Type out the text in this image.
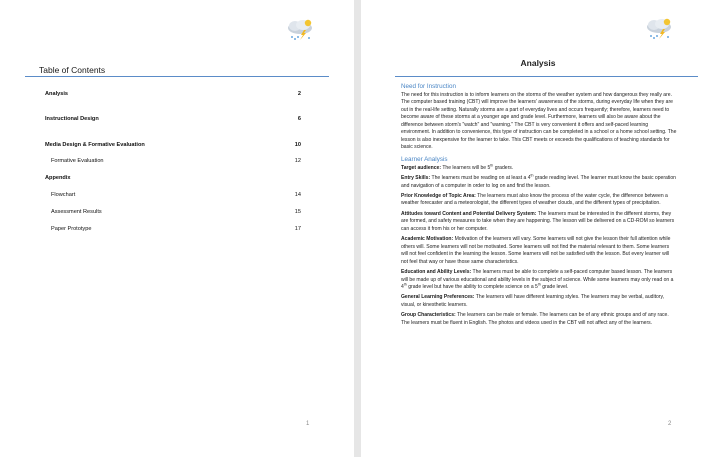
Table of Contents
Analysis	2
Instructional Design	6
Media Design & Formative Evaluation	10
Formative Evaluation	12
Appendix
Flowchart	14
Assessment Results	15
Paper Prototype	17
1
Analysis
Need for Instruction

The need for this instruction is to inform learners on the storms of the weather system and how dangerous they really are. The computer based training (CBT) will improve the learners' awareness of the storms, during everyday life when they are out in the real-life setting. Naturally storms are a part of everyday lives and occurs frequently; therefore, learners need to become aware of these storms at a younger age and grade level. Furthermore, learners will also be aware about the difference between storm's "watch" and "warning." The CBT is very convenient it offers and self-paced learning environment. In addition to convenience, this type of instruction can be completed in a school or a home school setting. The lesson is also inexpensive for the learner to take. This CBT meets or exceeds the qualifications of teaching standards for basic science.

Learner Analysis

Target audience: The learners will be 5th graders.

Entry Skills: The learners must be reading on at least a 4th grade reading level. The learner must know the basic operation and navigation of a computer in order to log on and find the lesson.

Prior Knowledge of Topic Area: The learners must also know the process of the water cycle, the difference between a weather forecaster and a meteorologist, the different types of weather clouds, and the different types of precipitation.

Attitudes toward Content and Potential Delivery System: The learners must be interested in the different storms, they are formed, and safety measures to take when they are happening. The lesson will be delivered on a CD-ROM so learners can access it from his or her computer.

Academic Motivation: Motivation of the learners will vary. Some learners will not give the lesson their full attention while others will. Some learners will not be motivated. Some learners will not find the material relevant to them. Some learners will not feel confident in the learning the lesson. Some learners will not be satisfied with the lesson. But every learner will not feel that way or have those same characteristics.

Education and Ability Levels: The learners must be able to complete a self-paced computer based lesson. The learners will be made up of various educational and ability levels in the subject of science. While some learners may only read on a 4th grade level but have the ability to complete science on a 5th grade level.

General Learning Preferences: The learners will have different learning styles. The learners may be verbal, auditory, visual, or kinesthetic learners.

Group Characteristics: The learners can be male or female. The learners can be of any ethnic groups and of any race. The learners must be fluent in English. The photos and videos used in the CBT will not affect any of the learners.

2
